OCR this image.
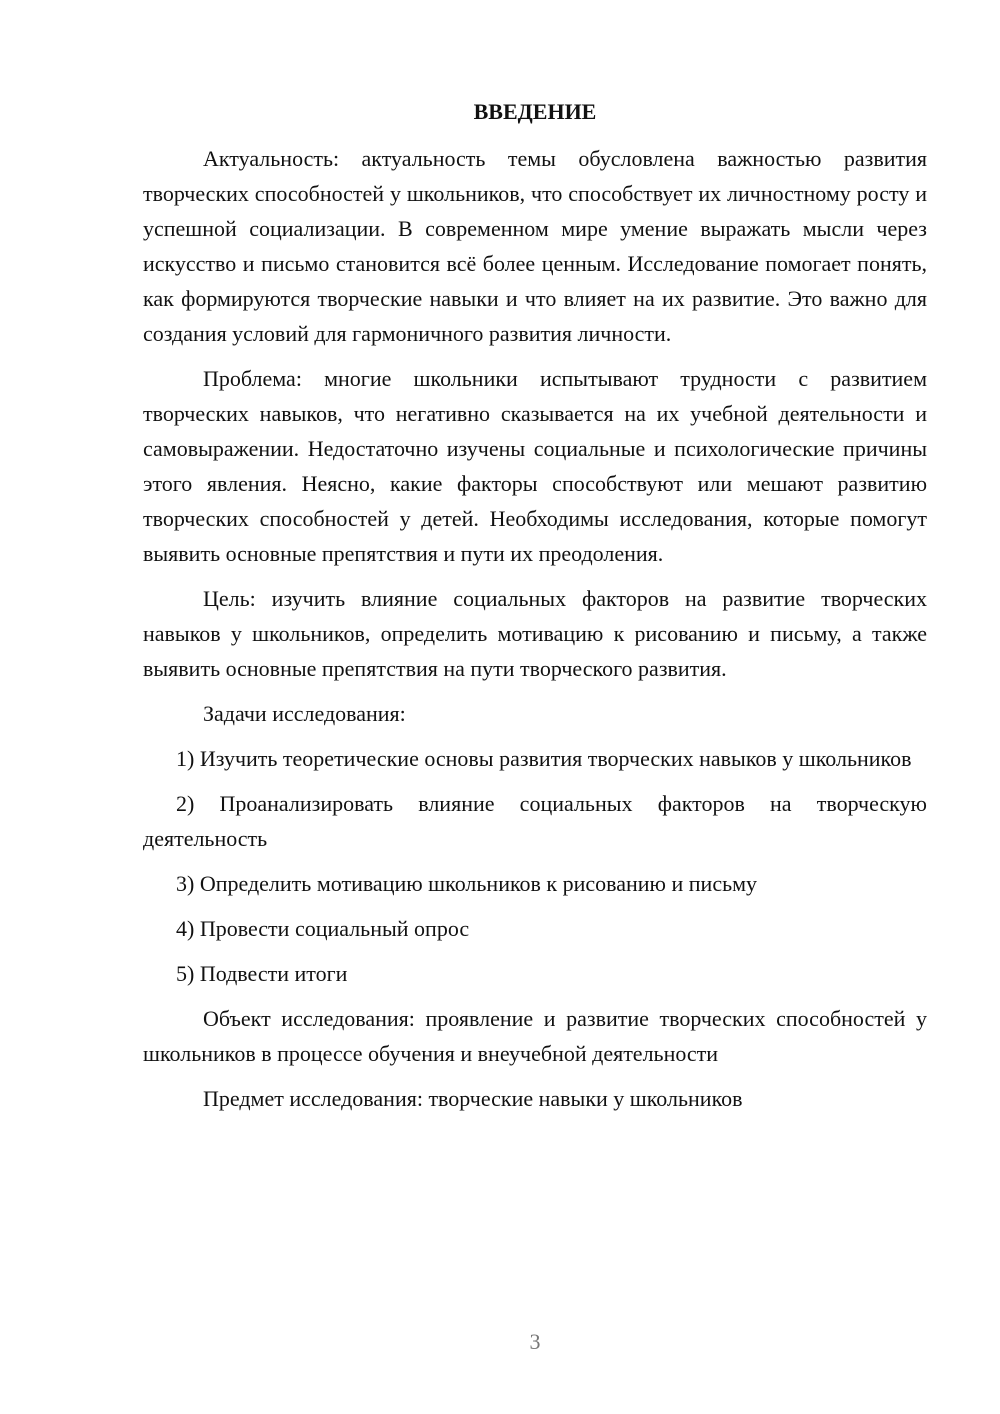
ВВЕДЕНИЕ

Актуальность: актуальность темы обусловлена важностью развития творческих способностей у школьников, что способствует их личностному росту и успешной социализации. В современном мире умение выражать мысли через искусство и письмо становится всё более ценным. Исследование помогает понять, как формируются творческие навыки и что влияет на их развитие. Это важно для создания условий для гармоничного развития личности.

Проблема: многие школьники испытывают трудности с развитием творческих навыков, что негативно сказывается на их учебной деятельности и самовыражении. Недостаточно изучены социальные и психологические причины этого явления. Неясно, какие факторы способствуют или мешают развитию творческих способностей у детей. Необходимы исследования, которые помогут выявить основные препятствия и пути их преодоления.

Цель: изучить влияние социальных факторов на развитие творческих навыков у школьников, определить мотивацию к рисованию и письму, а также выявить основные препятствия на пути творческого развития.

Задачи исследования:

1) Изучить теоретические основы развития творческих навыков у школьников

2) Проанализировать влияние социальных факторов на творческую деятельность

3) Определить мотивацию школьников к рисованию и письму

4) Провести социальный опрос

5) Подвести итоги

Объект исследования: проявление и развитие творческих способностей у школьников в процессе обучения и внеучебной деятельности

Предмет исследования: творческие навыки у школьников

3
